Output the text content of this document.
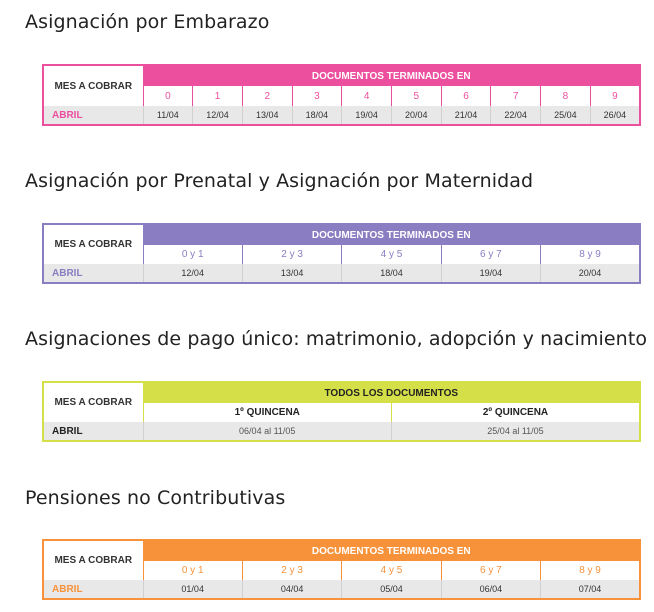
Asignación por Embarazo
MES A COBRAR	DOCUMENTOS TERMINADOS EN									
	0	1	2	3	4	5	6	7	8	9
ABRIL	11/04	12/04	13/04	18/04	19/04	20/04	21/04	22/04	25/04	26/04
Asignación por Prenatal y Asignación por Maternidad
MES A COBRAR	DOCUMENTOS TERMINADOS EN				
	0 y 1	2 y 3	4 y 5	6 y 7	8 y 9
ABRIL	12/04	13/04	18/04	19/04	20/04
Asignaciones de pago único: matrimonio, adopción y nacimiento
MES A COBRAR	TODOS LOS DOCUMENTOS	
	1º QUINCENA	2º QUINCENA
ABRIL	06/04 al 11/05	25/04 al 11/05
Pensiones no Contributivas
MES A COBRAR	DOCUMENTOS TERMINADOS EN				
	0 y 1	2 y 3	4 y 5	6 y 7	8 y 9
ABRIL	01/04	04/04	05/04	06/04	07/04
